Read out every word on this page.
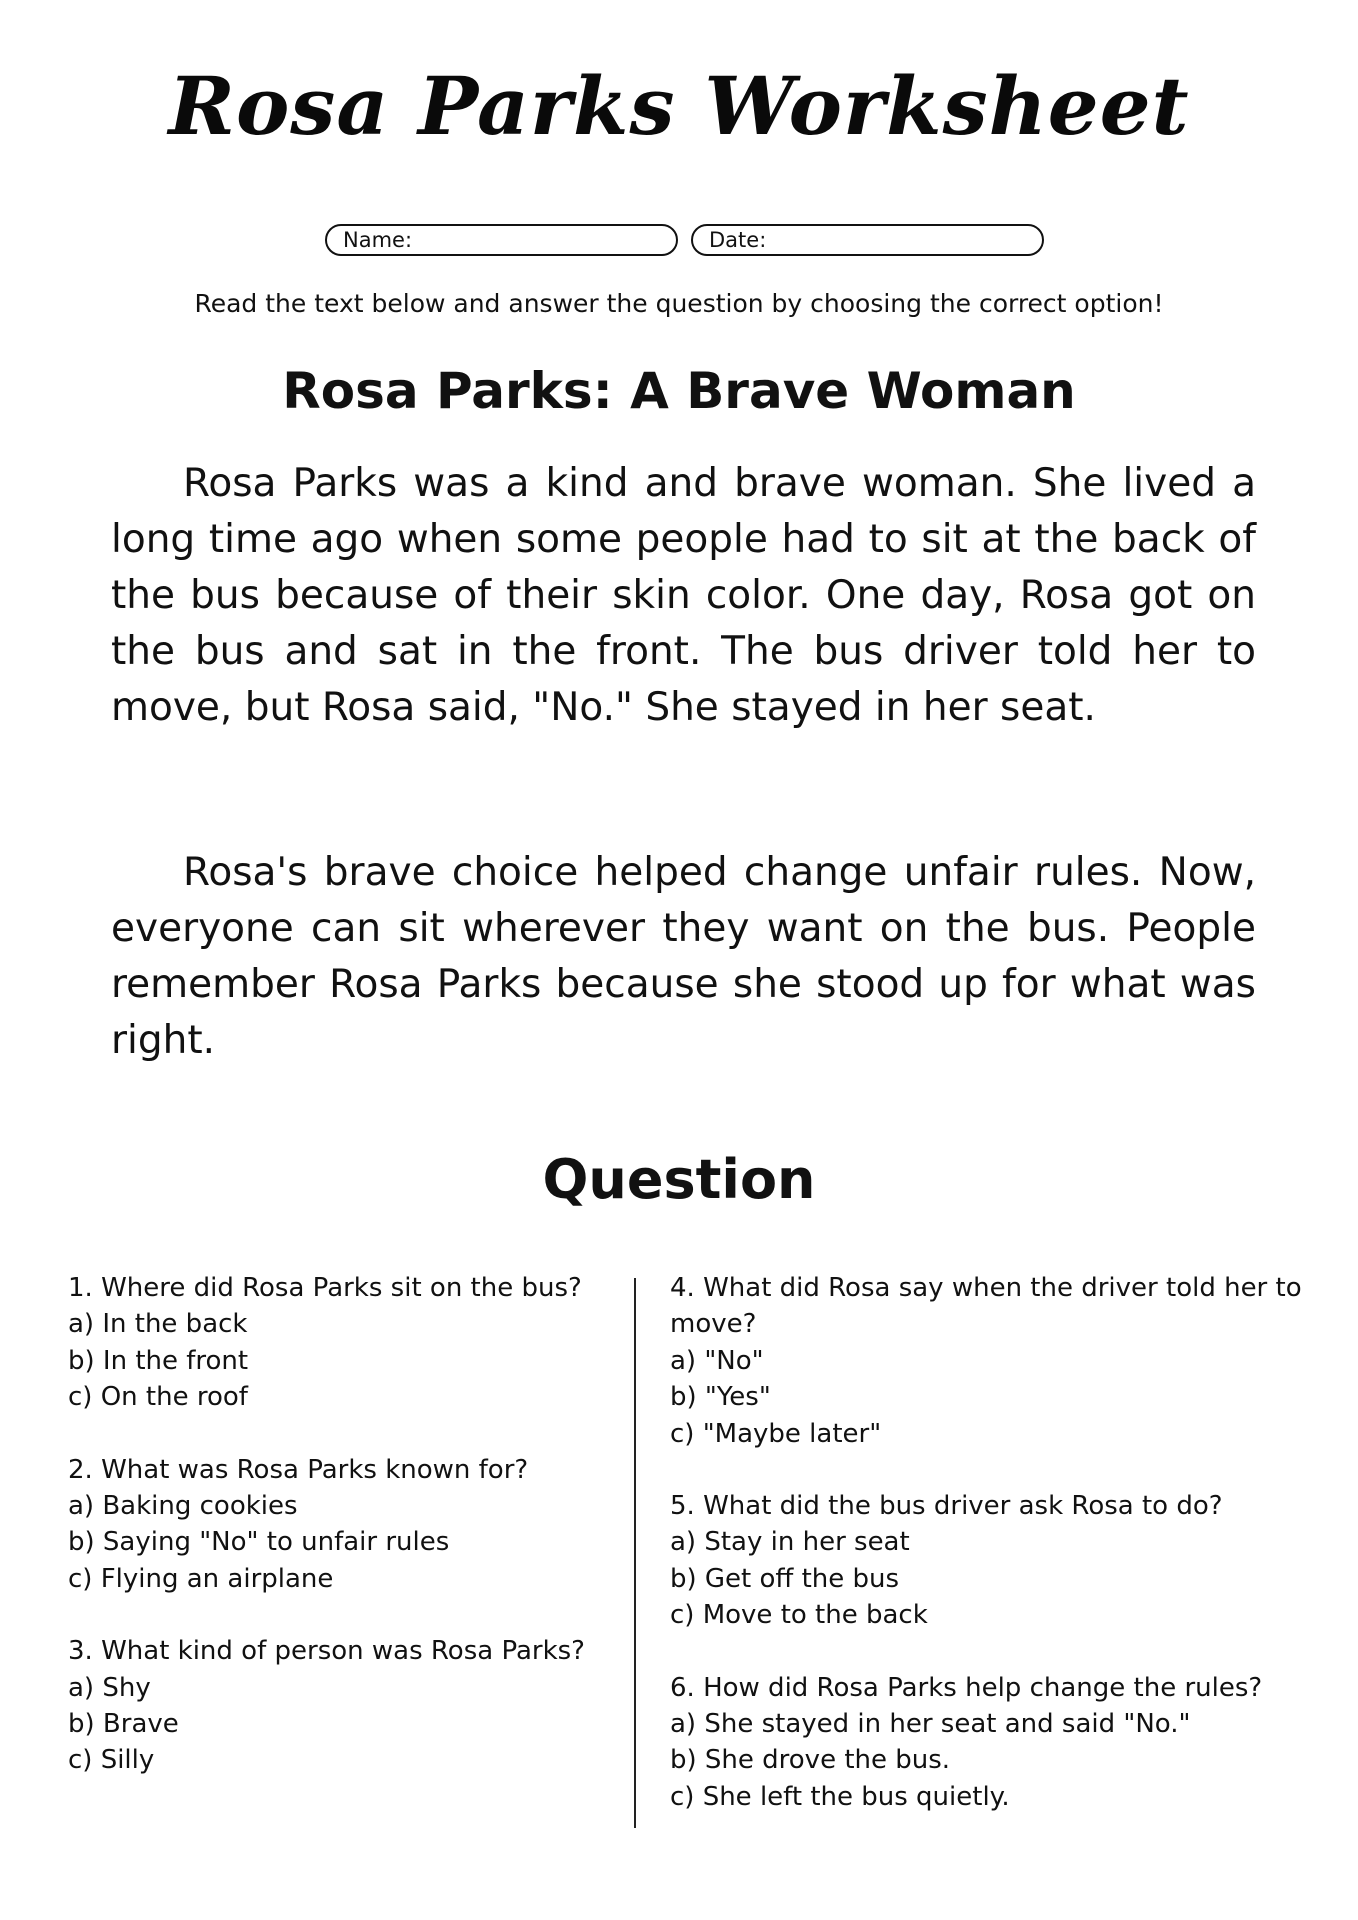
Rosa Parks Worksheet
Name:	Date:
Read the text below and answer the question by choosing the correct option!
Rosa Parks: A Brave Woman

Rosa Parks was a kind and brave woman. She lived a long time ago when some people had to sit at the back of the bus because of their skin color. One day, Rosa got on the bus and sat in the front. The bus driver told her to move, but Rosa said, "No." She stayed in her seat.

Rosa's brave choice helped change unfair rules. Now, everyone can sit wherever they want on the bus. People remember Rosa Parks because she stood up for what was right.

Question
1. Where did Rosa Parks sit on the bus?
a) In the back
b) In the front
c) On the roof
2. What was Rosa Parks known for?
a) Baking cookies
b) Saying "No" to unfair rules
c) Flying an airplane
3. What kind of person was Rosa Parks?
a) Shy
b) Brave
c) Silly
4. What did Rosa say when the driver told her to move?
a) "No"
b) "Yes"
c) "Maybe later"
5. What did the bus driver ask Rosa to do?
a) Stay in her seat
b) Get off the bus
c) Move to the back
6. How did Rosa Parks help change the rules?
a) She stayed in her seat and said "No."
b) She drove the bus.
c) She left the bus quietly.
